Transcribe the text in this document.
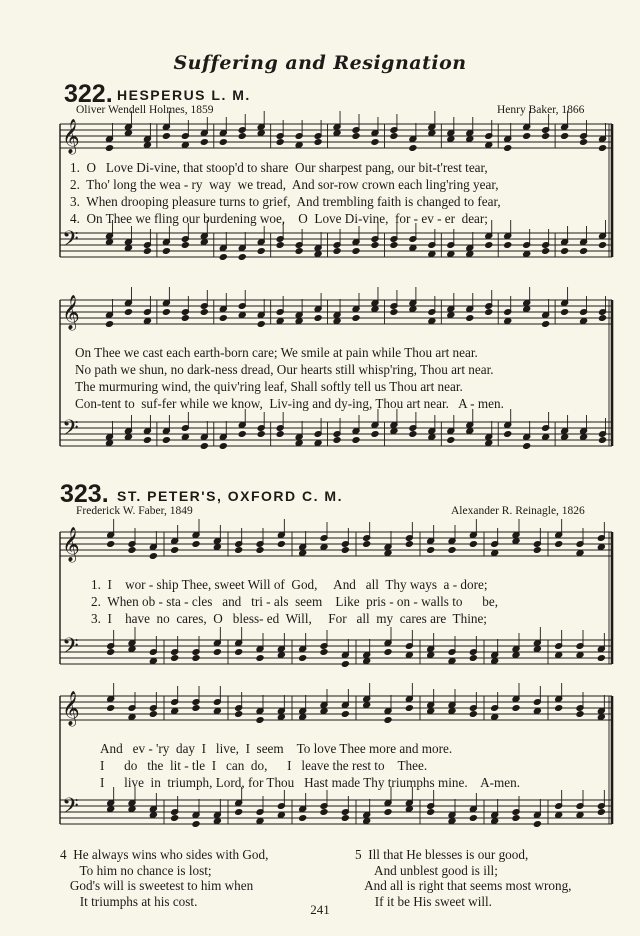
Suffering and Resignation
322. HESPERUS L. M.
Oliver Wendell Holmes, 1859	Henry Baker, 1866
1.  O   Love Di-vine, that stoop'd to share  Our sharpest pang, our bit-t'rest tear,
2.  Tho' long the wea - ry  way  we tread,  And sor-row crown each ling'ring year,
3.  When drooping pleasure turns to grief,  And trembling faith is changed to fear,
4.  On Thee we fling our burdening woe,    O  Love Di-vine,  for - ev - er  dear;
On Thee we cast each earth-born care; We smile at pain while Thou art near.
No path we shun, no dark-ness dread, Our hearts still whisp'ring, Thou art near.
The murmuring wind, the quiv'ring leaf, Shall softly tell us Thou art near.
Con-tent to  suf-fer while we know,  Liv-ing and dy-ing, Thou art near.   A - men.
323. ST. PETER'S, OXFORD C. M.
Frederick W. Faber, 1849	Alexander R. Reinagle, 1826
1.  I    wor - ship Thee, sweet Will of  God,     And   all  Thy ways  a - dore;
2.  When ob - sta - cles   and   tri - als  seem    Like  pris - on - walls to      be,
3.  I    have  no  cares,  O   bless- ed  Will,     For   all  my  cares are  Thine;
And   ev - 'ry  day  I   live,  I  seem    To love Thee more and more.
I      do   the  lit - tle  I   can  do,      I   leave the rest to    Thee.
I      live  in  triumph, Lord, for Thou   Hast made Thy triumphs mine.    A-men.
4  He always wins who sides with God,
To him no chance is lost;
God's will is sweetest to him when
It triumphs at his cost.
5  Ill that He blesses is our good,
And unblest good is ill;
And all is right that seems most wrong,
If it be His sweet will.
241
𝄞
𝄢
𝄞
𝄢
𝄞
𝄢
𝄞
𝄢
